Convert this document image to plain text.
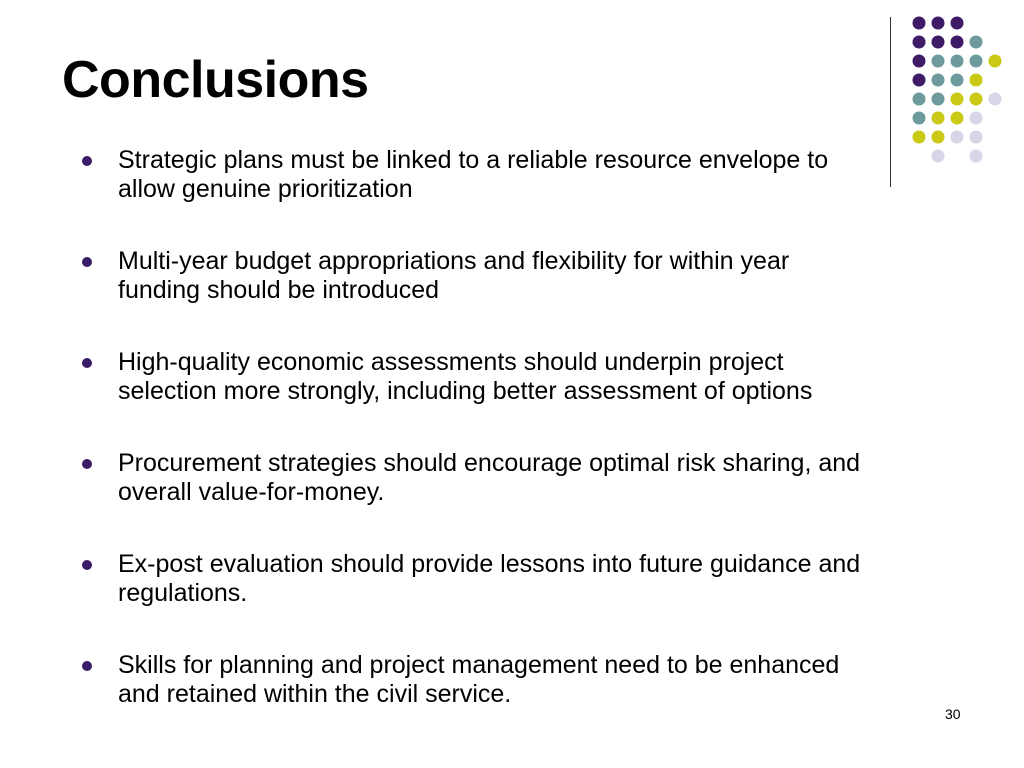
Conclusions
Strategic plans must be linked to a reliable resource envelope to allow genuine prioritization
Multi-year budget appropriations and flexibility for within year funding should be introduced
High-quality economic assessments should underpin project selection more strongly, including better assessment of options
Procurement strategies should encourage optimal risk sharing, and overall value-for-money.
Ex-post evaluation should provide lessons into future guidance and regulations.
Skills for planning and project management need to be enhanced and retained within the civil service.
30
